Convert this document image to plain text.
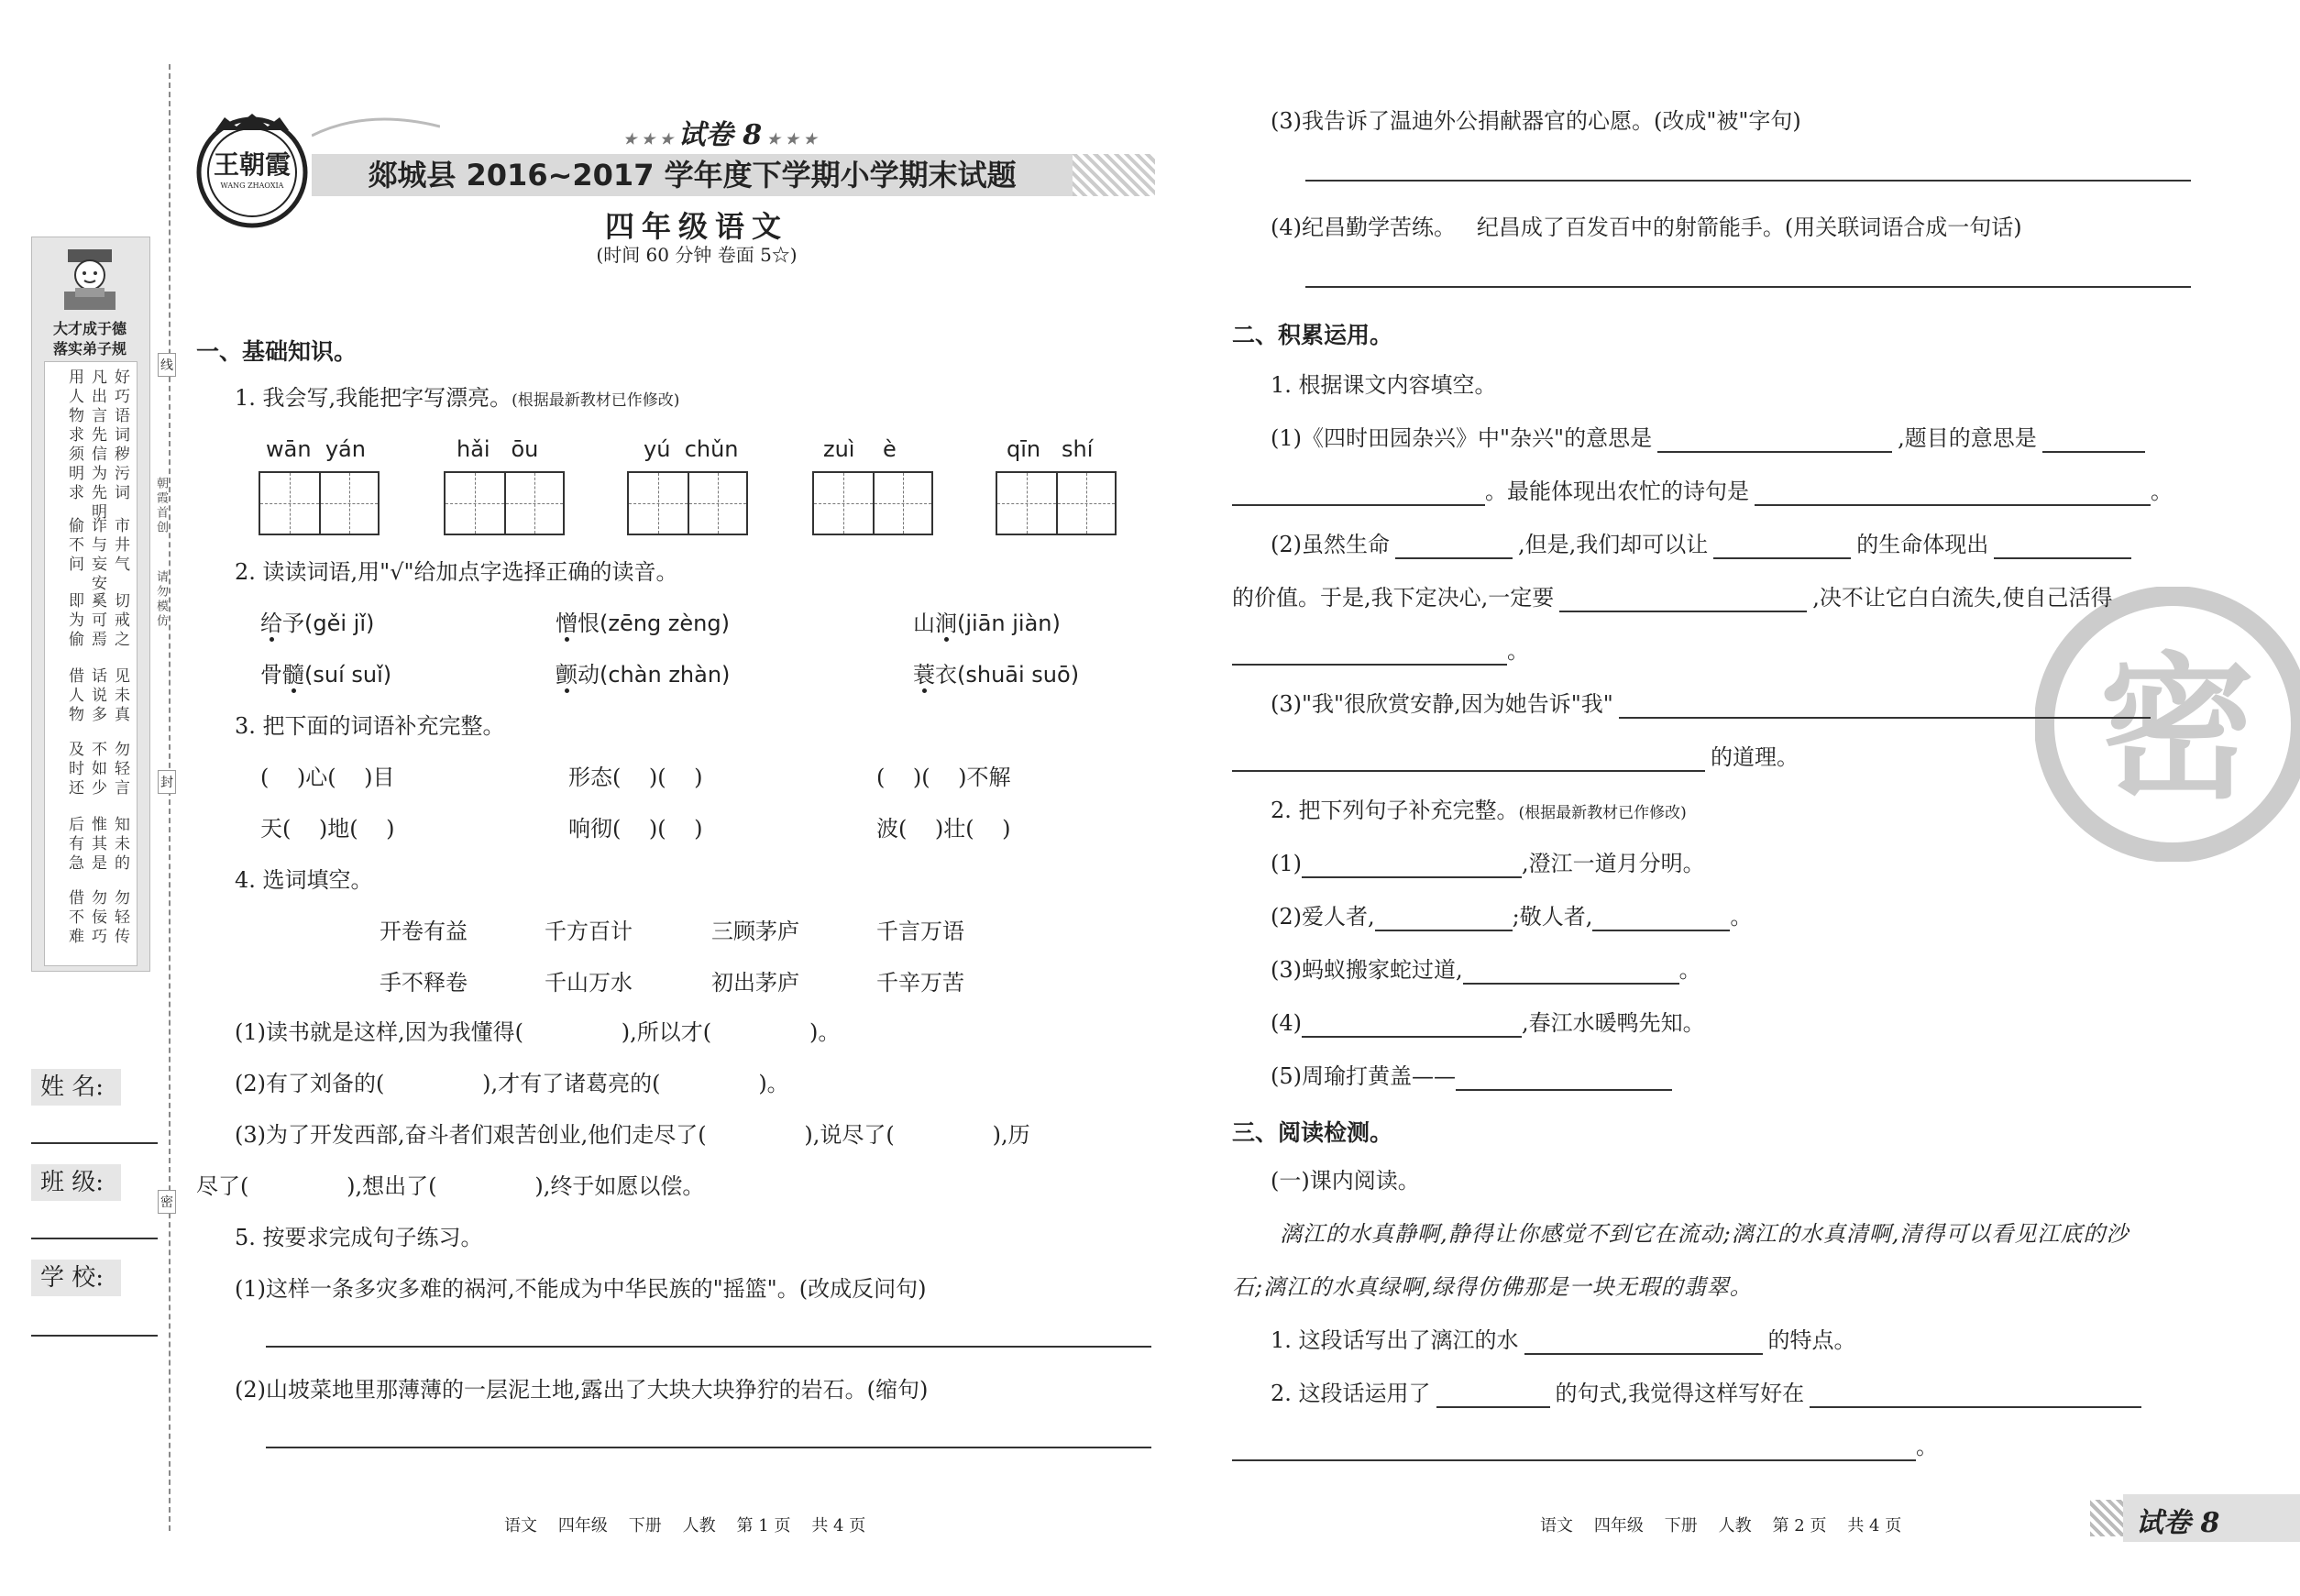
大才成于德
落实弟子规
好巧语词
凡出言先
用人物求
秽污词
信为先明
须明求
市井气
诈与妄安
偷不问
切戒之
奚可焉
即为偷
见未真
话说多
借人物
勿轻言
不如少
及时还
知未的
惟其是
后有急
勿轻传
勿佞巧
借不难
线
封
密
朝霞首创
请勿模仿
姓 名:
班 级:
学 校:
王朝霞
WANG ZHAOXIA
★ ★ ★ 试卷 8 ★ ★ ★
郯城县 2016~2017 学年度下学期小学期末试题
四年级语文
(时间 60 分钟 卷面 5☆)
一、基础知识。
1. 我会写,我能把字写漂亮。(根据最新教材已作修改)
wān yán	hǎi ōu	yú chǔn	zuì è	qīn shí
2. 读读词语,用"√"给加点字选择正确的读音。
给予(gěi jǐ)	憎恨(zēng zèng)	山涧(jiān jiàn)
骨髓(suí suǐ)	颤动(chàn zhàn)	蓑衣(shuāi suō)
3. 把下面的词语补充完整。
(    )心(    )目	形态(    )(    )	(    )(    )不解
天(    )地(    )	响彻(    )(    )	波(    )壮(    )
4. 选词填空。
开卷有益	千方百计	三顾茅庐	千言万语
手不释卷	千山万水	初出茅庐	千辛万苦
(1)读书就是这样,因为我懂得(              ),所以才(              )。
(2)有了刘备的(              ),才有了诸葛亮的(              )。
(3)为了开发西部,奋斗者们艰苦创业,他们走尽了(              ),说尽了(              ),历
尽了(              ),想出了(              ),终于如愿以偿。
5. 按要求完成句子练习。
(1)这样一条多灾多难的祸河,不能成为中华民族的"摇篮"。(改成反问句)
(2)山坡菜地里那薄薄的一层泥土地,露出了大块大块狰狞的岩石。(缩句)
语文    四年级    下册    人教    第 1 页    共 4 页
密
(3)我告诉了温迪外公捐献器官的心愿。(改成"被"字句)
(4)纪昌勤学苦练。   纪昌成了百发百中的射箭能手。(用关联词语合成一句话)
二、积累运用。
1. 根据课文内容填空。
(1)《四时田园杂兴》中"杂兴"的意思是	,题目的意思是
。最能体现出农忙的诗句是	。
(2)虽然生命	,但是,我们却可以让	的生命体现出
的价值。于是,我下定决心,一定要	,决不让它白白流失,使自己活得
。
(3)"我"很欣赏安静,因为她告诉"我"
的道理。
2. 把下列句子补充完整。(根据最新教材已作修改)
(1)	,澄江一道月分明。
(2)爱人者,	;敬人者,	。
(3)蚂蚁搬家蛇过道,	。
(4)	,春江水暖鸭先知。
(5)周瑜打黄盖——
三、阅读检测。
(一)课内阅读。
漓江的水真静啊,静得让你感觉不到它在流动;漓江的水真清啊,清得可以看见江底的沙
石;漓江的水真绿啊,绿得仿佛那是一块无瑕的翡翠。
1. 这段话写出了漓江的水	的特点。
2. 这段话运用了	的句式,我觉得这样写好在
。
语文    四年级    下册    人教    第 2 页    共 4 页	试卷 8
